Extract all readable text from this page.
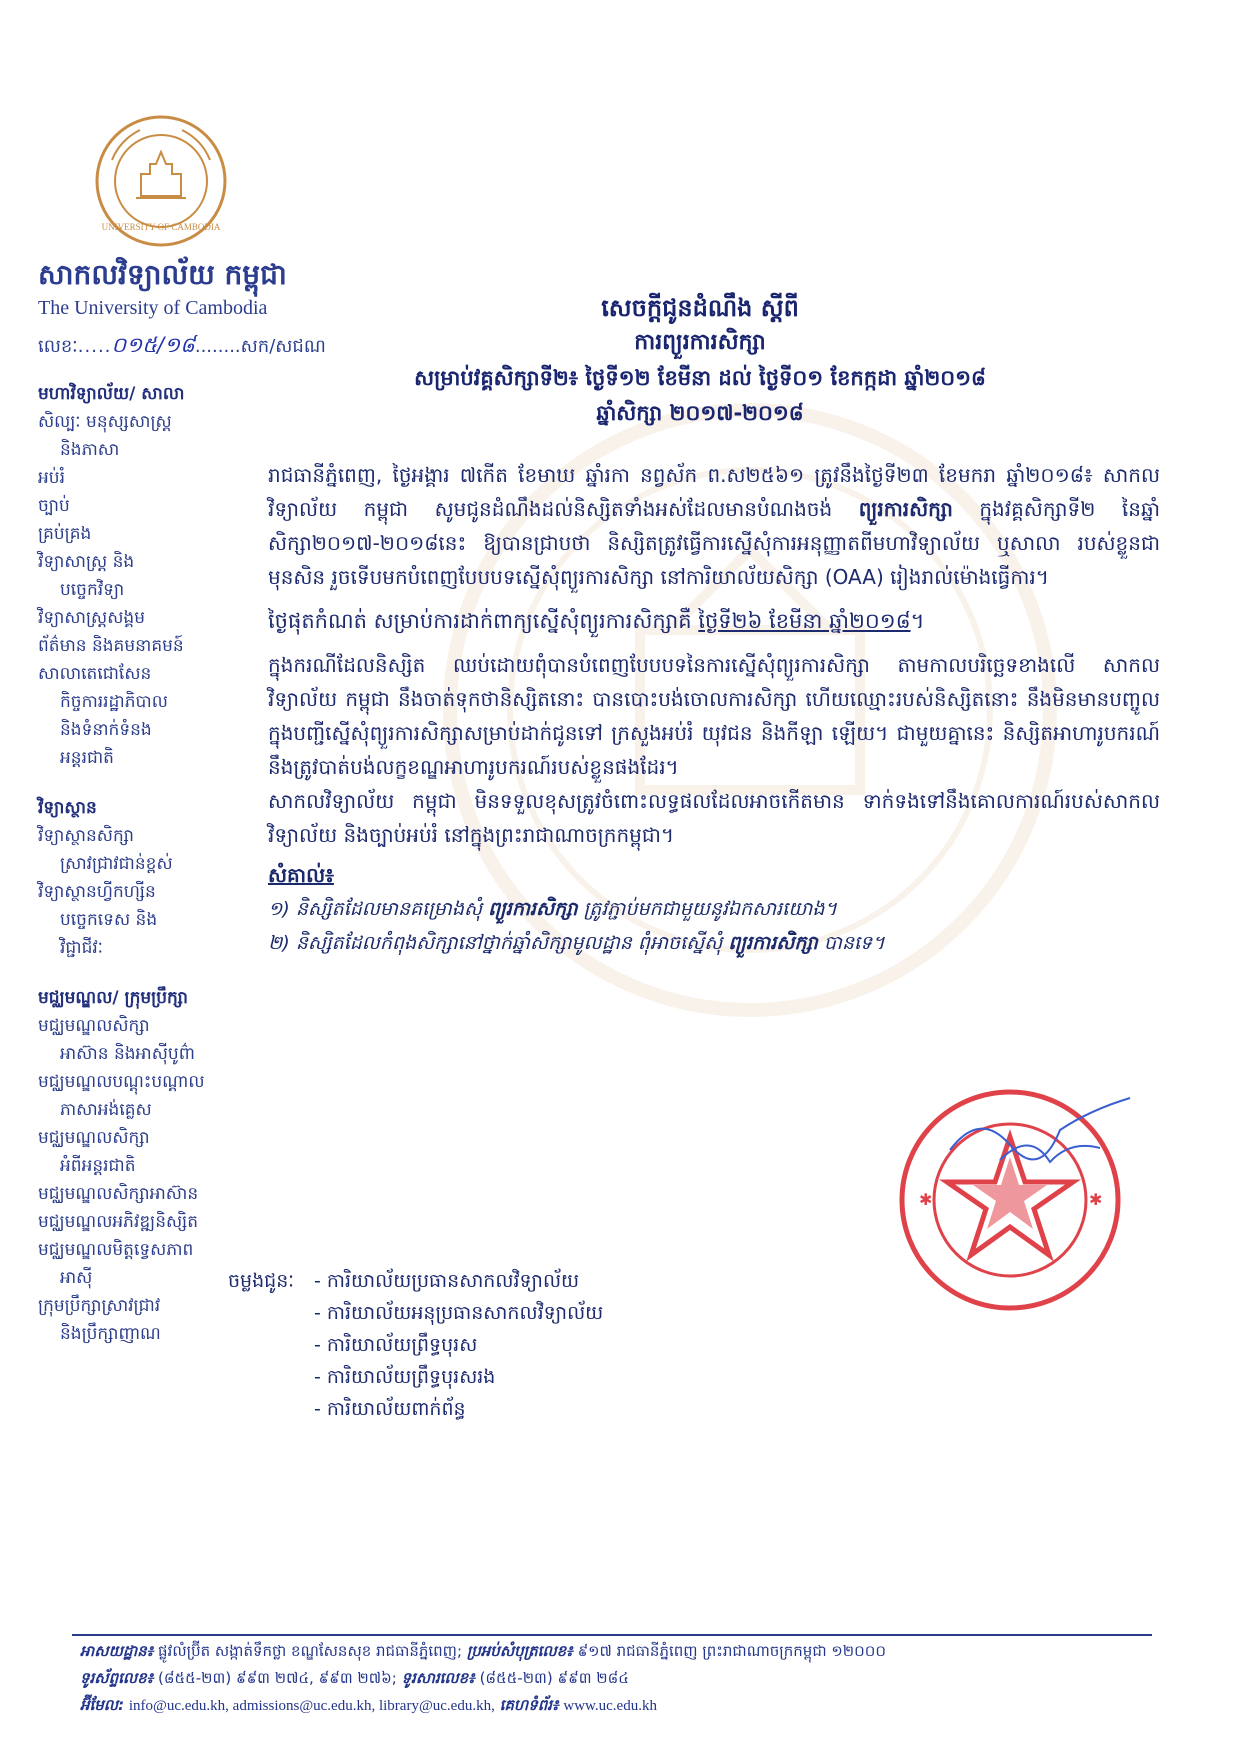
UNIVERSITY OF CAMBODIA
សាកលវិទ្យាល័យ កម្ពុជា
The University of Cambodia
លេខៈ.....០១៥/១៨........សក/សជណ
មហាវិទ្យាល័យ/ សាលា
សិល្បៈ មនុស្សសាស្ត្រ
និងភាសា
អប់រំ
ច្បាប់
គ្រប់គ្រង
វិទ្យាសាស្ត្រ និង
បច្ចេកវិទ្យា
វិទ្យាសាស្ត្រសង្គម
ព័ត៌មាន និងគមនាគមន៍
សាលាតេជោសែន
កិច្ចការរដ្ឋាភិបាល
និងទំនាក់ទំនង
អន្តរជាតិ
វិទ្យាស្ថាន
វិទ្យាស្ថានសិក្សា
ស្រាវជ្រាវជាន់ខ្ពស់
វិទ្យាស្ថានហ្វីកហ្សីន
បច្ចេកទេស និង
វិជ្ជាជីវៈ
មជ្ឈមណ្ឌល/ ក្រុមប្រឹក្សា
មជ្ឈមណ្ឌលសិក្សា
អាស៊ាន និងអាស៊ីបូព៌ា
មជ្ឈមណ្ឌលបណ្តុះបណ្តាល
ភាសាអង់គ្លេស
មជ្ឈមណ្ឌលសិក្សា
អំពីអន្តរជាតិ
មជ្ឈមណ្ឌលសិក្សាអាស៊ាន
មជ្ឈមណ្ឌលអភិវឌ្ឍនិស្សិត
មជ្ឈមណ្ឌលមិត្តទ្វេសភាព
អាស៊ី
ក្រុមប្រឹក្សាស្រាវជ្រាវ
និងប្រឹក្សាញាណ
សេចក្តីជូនដំណឹង ស្តីពី
ការព្យួរការសិក្សា
សម្រាប់វគ្គសិក្សាទី២៖ ថ្ងៃទី១២ ខែមីនា ដល់ ថ្ងៃទី០១ ខែកក្កដា ឆ្នាំ២០១៨
ឆ្នាំសិក្សា ២០១៧-២០១៨

រាជធានីភ្នំពេញ, ថ្ងៃអង្គារ ៧កើត ខែមាឃ ឆ្នាំរកា នព្វស័ក ព.ស២៥៦១ ត្រូវនឹងថ្ងៃទី២៣ ខែមករា ឆ្នាំ២០១៨៖ សាកលវិទ្យាល័យ កម្ពុជា សូមជូនដំណឹងដល់និស្សិតទាំងអស់ដែលមានបំណងចង់ ព្យួរការសិក្សា ក្នុងវគ្គសិក្សាទី២ នៃឆ្នាំសិក្សា២០១៧-២០១៨នេះ ឱ្យបានជ្រាបថា និស្សិតត្រូវធ្វើការស្នើសុំការអនុញ្ញាតពីមហាវិទ្យាល័យ ឬសាលា របស់ខ្លួនជាមុនសិន រួចទើបមកបំពេញបែបបទស្នើសុំព្យួរការសិក្សា នៅការិយាល័យសិក្សា (OAA) រៀងរាល់ម៉ោងធ្វើការ។

ថ្ងៃផុតកំណត់ សម្រាប់ការដាក់ពាក្យស្នើសុំព្យួរការសិក្សាគឺ ថ្ងៃទី២៦ ខែមីនា ឆ្នាំ២០១៨។

ក្នុងករណីដែលនិស្សិត ឈប់ដោយពុំបានបំពេញបែបបទនៃការស្នើសុំព្យួរការសិក្សា តាមកាលបរិច្ឆេទខាងលើ សាកលវិទ្យាល័យ កម្ពុជា នឹងចាត់ទុកថានិស្សិតនោះ បានបោះបង់ចោលការសិក្សា ហើយឈ្មោះរបស់និស្សិតនោះ នឹងមិនមានបញ្ចូលក្នុងបញ្ជីស្នើសុំព្យួរការសិក្សាសម្រាប់ដាក់ជូនទៅ ក្រសួងអប់រំ យុវជន និងកីឡា ឡើយ។ ជាមួយគ្នានេះ និស្សិតអាហារូបករណ៍ នឹងត្រូវបាត់បង់លក្ខខណ្ឌអាហារូបករណ៍របស់ខ្លួនផងដែរ។

សាកលវិទ្យាល័យ កម្ពុជា មិនទទួលខុសត្រូវចំពោះលទ្ធផលដែលអាចកើតមាន ទាក់ទងទៅនឹងគោលការណ៍របស់សាកលវិទ្យាល័យ និងច្បាប់អប់រំ នៅក្នុងព្រះរាជាណាចក្រកម្ពុជា។

សំគាល់៖
១) និស្សិតដែលមានគម្រោងសុំ ព្យួរការសិក្សា ត្រូវភ្ជាប់មកជាមួយនូវឯកសារយោង។
២) និស្សិតដែលកំពុងសិក្សានៅថ្នាក់ឆ្នាំសិក្សាមូលដ្ឋាន ពុំអាចស្នើសុំ ព្យួរការសិក្សា បានទេ។
✱	✱
ចម្លងជូនៈ - ការិយាល័យប្រធានសាកលវិទ្យាល័យ
- ការិយាល័យអនុប្រធានសាកលវិទ្យាល័យ
- ការិយាល័យព្រឹទ្ធបុរស
- ការិយាល័យព្រឹទ្ធបុរសរង
- ការិយាល័យពាក់ព័ន្ធ
អាសយដ្ឋាន៖ ផ្លូវលំប្រ៊ីត សង្កាត់ទឹកថ្លា ខណ្ឌសែនសុខ រាជធានីភ្នំពេញ; ប្រអប់សំបុត្រលេខ៖ ៩១៧ រាជធានីភ្នំពេញ ព្រះរាជាណាចក្រកម្ពុជា ១២០០០
ទូរស័ព្ទលេខ៖ (៨៥៥-២៣) ៩៩៣ ២៧៤, ៩៩៣ ២៧៦; ទូរសារលេខ៖ (៨៥៥-២៣) ៩៩៣ ២៨៤
អ៊ីមែល: info@uc.edu.kh, admissions@uc.edu.kh, library@uc.edu.kh, គេហទំព័រ៖ www.uc.edu.kh
